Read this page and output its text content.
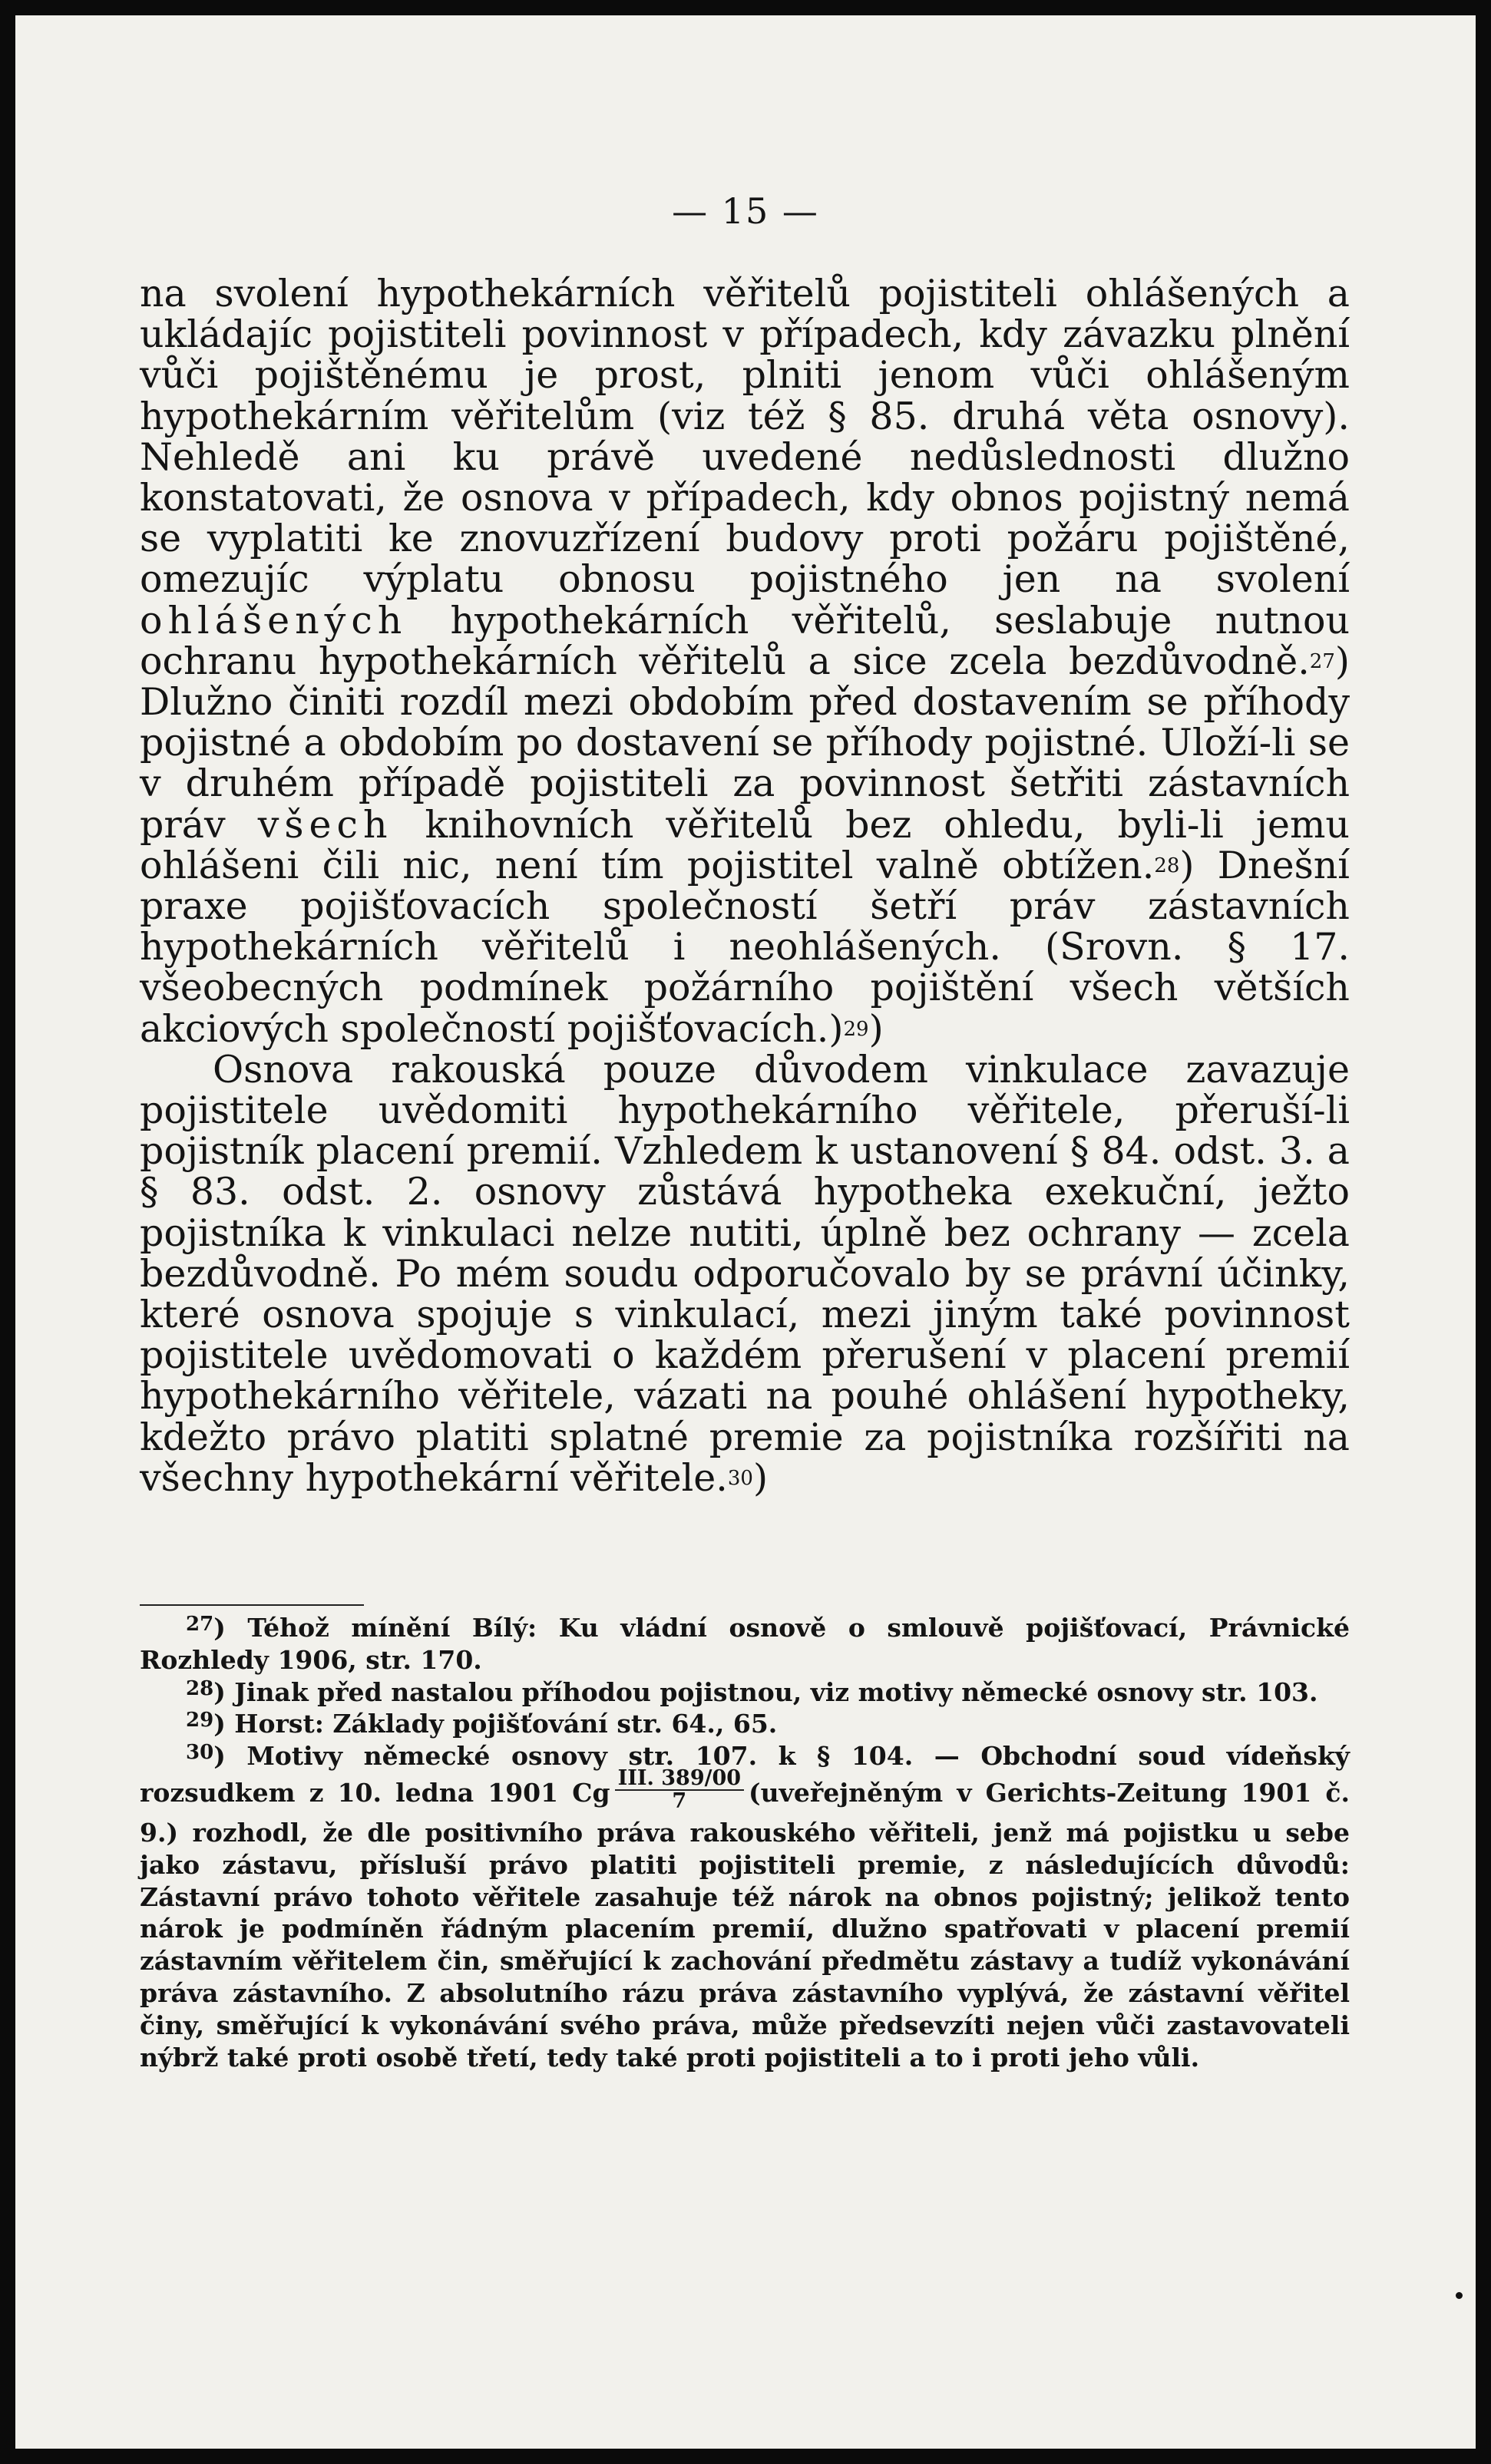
— 15 —

na svolení hypothekárních věřitelů pojistiteli ohlášených a ukládajíc pojistiteli povinnost v případech, kdy závazku plnění vůči pojištěnému je prost, plniti jenom vůči ohlášeným hypothekárním věřitelům (viz též § 85. druhá věta osnovy). Nehledě ani ku právě uvedené nedůslednosti dlužno konstatovati, že osnova v případech, kdy obnos pojistný nemá se vyplatiti ke znovuzřízení budovy proti požáru pojištěné, omezujíc výplatu obnosu pojistného jen na svolení ohlášených hypothekárních věřitelů, seslabuje nutnou ochranu hypothekárních věřitelů a sice zcela bezdůvodně.$^{27}$) Dlužno činiti rozdíl mezi obdobím před dostavením se příhody pojistné a obdobím po dostavení se příhody pojistné. Uloží-li se v druhém případě pojistiteli za povinnost šetřiti zástavních práv všech knihovních věřitelů bez ohledu, byli-li jemu ohlášeni čili nic, není tím pojistitel valně obtížen.$^{28}$) Dnešní praxe pojišťovacích společností šetří práv zástavních hypothekárních věřitelů i neohlášených. (Srovn. § 17. všeobecných podmínek požárního pojištění všech větších akciových společností pojišťovacích.)$^{29}$)

Osnova rakouská pouze důvodem vinkulace zavazuje pojistitele uvědomiti hypothekárního věřitele, přeruší-li pojistník placení premií. Vzhledem k ustanovení § 84. odst. 3. a § 83. odst. 2. osnovy zůstává hypotheka exekuční, ježto pojistníka k vinkulaci nelze nutiti, úplně bez ochrany — zcela bezdůvodně. Po mém soudu odporučovalo by se právní účinky, které osnova spojuje s vinkulací, mezi jiným také povinnost pojistitele uvědomovati o každém přerušení v placení premií hypothekárního věřitele, vázati na pouhé ohlášení hypotheky, kdežto právo platiti splatné premie za pojistníka rozšířiti na všechny hypothekární věřitele.$^{30}$)

$^{27}$) Téhož mínění Bílý: Ku vládní osnově o smlouvě pojišťovací, Právnické Rozhledy 1906, str. 170.

$^{28}$) Jinak před nastalou příhodou pojistnou, viz motivy německé osnovy str. 103.

$^{29}$) Horst: Základy pojišťování str. 64., 65.

$^{30}$) Motivy německé osnovy str. 107. k § 104. — Obchodní soud vídeňský rozsudkem z 10. ledna 1901 Cg $\frac{\text{III. 389/00}}{7}$ (uveřejněným v Gerichts-Zeitung 1901 č. 9.) rozhodl, že dle positivního práva rakouského věřiteli, jenž má pojistku u sebe jako zástavu, přísluší právo platiti pojistiteli premie, z následujících důvodů: Zástavní právo tohoto věřitele zasahuje též nárok na obnos pojistný; jelikož tento nárok je podmíněn řádným placením premií, dlužno spatřovati v placení premií zástavním věřitelem čin, směřující k zachování předmětu zástavy a tudíž vykonávání práva zástavního. Z absolutního rázu práva zástavního vyplývá, že zástavní věřitel činy, směřující k vykonávání svého práva, může předsevzíti nejen vůči zastavovateli nýbrž také proti osobě třetí, tedy také proti pojistiteli a to i proti jeho vůli.
